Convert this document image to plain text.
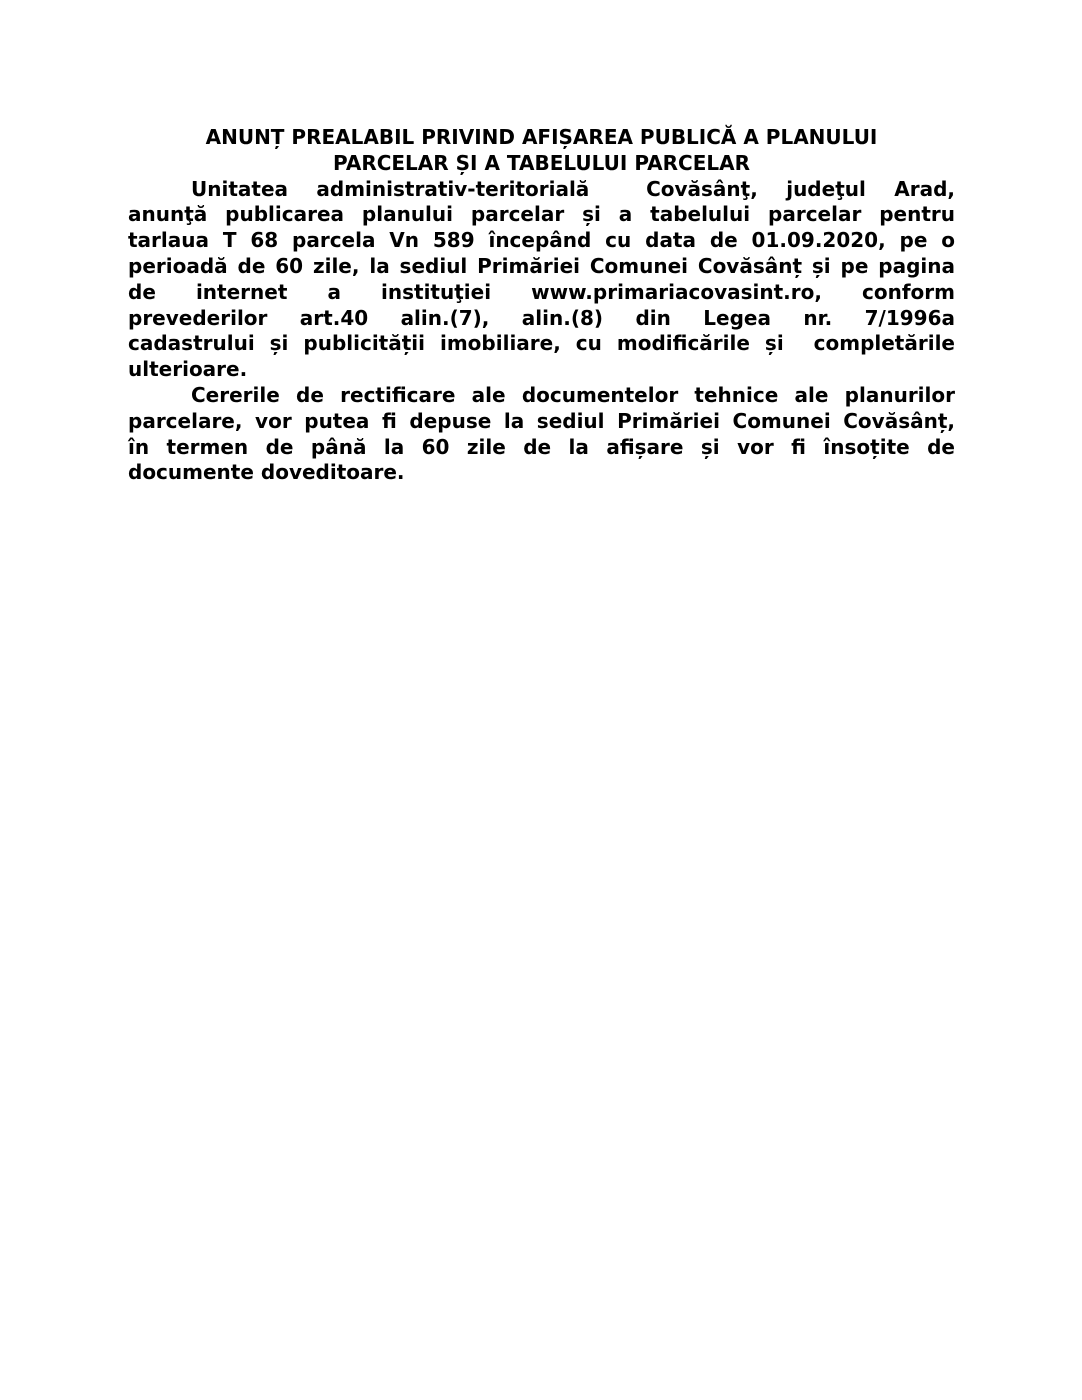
ANUNȚ PREALABIL PRIVIND AFIȘAREA PUBLICĂ A PLANULUI
PARCELAR ȘI A TABELULUI PARCELAR
Unitatea administrativ-teritorială  Covăsânţ, judeţul Arad,
anunţă publicarea planului parcelar și a tabelului parcelar pentru
tarlaua T 68 parcela Vn 589 începând cu data de 01.09.2020, pe o
perioadă de 60 zile, la sediul Primăriei Comunei Covăsânț și pe pagina
de internet a instituţiei www.primariacovasint.ro, conform
prevederilor art.40 alin.(7), alin.(8) din Legea nr. 7/1996a
cadastrului și publicității imobiliare, cu modificările și  completările
ulterioare.
Cererile de rectificare ale documentelor tehnice ale planurilor
parcelare, vor putea fi depuse la sediul Primăriei Comunei Covăsânț,
în termen de până la 60 zile de la afișare și vor fi însoțite de
documente doveditoare.
